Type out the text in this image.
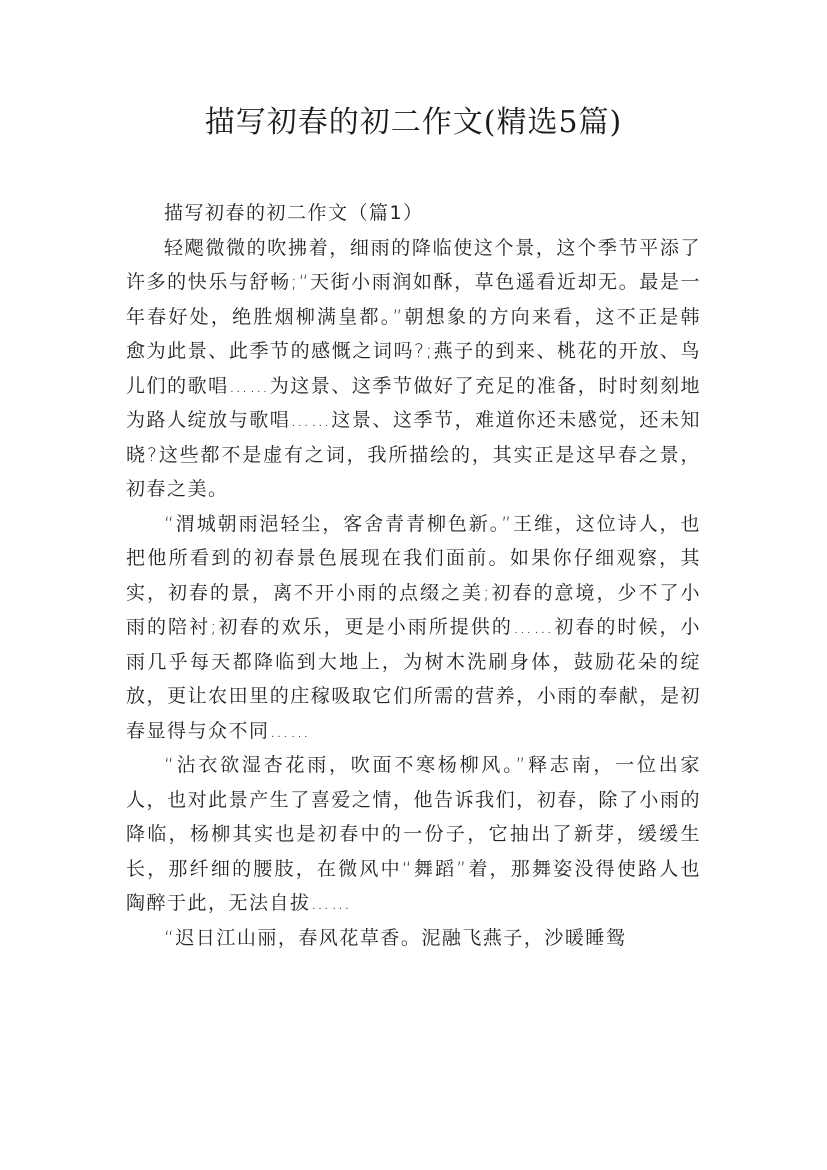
描写初春的初二作文(精选5篇)

描写初春的初二作文（篇1）

轻飔微微的吹拂着，细雨的降临使这个景，这个季节平添了许多的快乐与舒畅;“天街小雨润如酥，草色遥看近却无。最是一年春好处，绝胜烟柳满皇都。”朝想象的方向来看，这不正是韩愈为此景、此季节的感慨之词吗?;燕子的到来、桃花的开放、鸟儿们的歌唱……为这景、这季节做好了充足的准备，时时刻刻地为路人绽放与歌唱……这景、这季节，难道你还未感觉，还未知晓?这些都不是虚有之词，我所描绘的，其实正是这早春之景，初春之美。

“渭城朝雨浥轻尘，客舍青青柳色新。”王维，这位诗人，也把他所看到的初春景色展现在我们面前。如果你仔细观察，其实，初春的景，离不开小雨的点缀之美;初春的意境，少不了小雨的陪衬;初春的欢乐，更是小雨所提供的……初春的时候，小雨几乎每天都降临到大地上，为树木洗刷身体，鼓励花朵的绽放，更让农田里的庄稼吸取它们所需的营养，小雨的奉献，是初春显得与众不同……

“沾衣欲湿杏花雨，吹面不寒杨柳风。”释志南，一位出家人，也对此景产生了喜爱之情，他告诉我们，初春，除了小雨的降临，杨柳其实也是初春中的一份子，它抽出了新芽，缓缓生长，那纤细的腰肢，在微风中“舞蹈”着，那舞姿没得使路人也陶醉于此，无法自拔……

“迟日江山丽，春风花草香。泥融飞燕子，沙暖睡鸳
